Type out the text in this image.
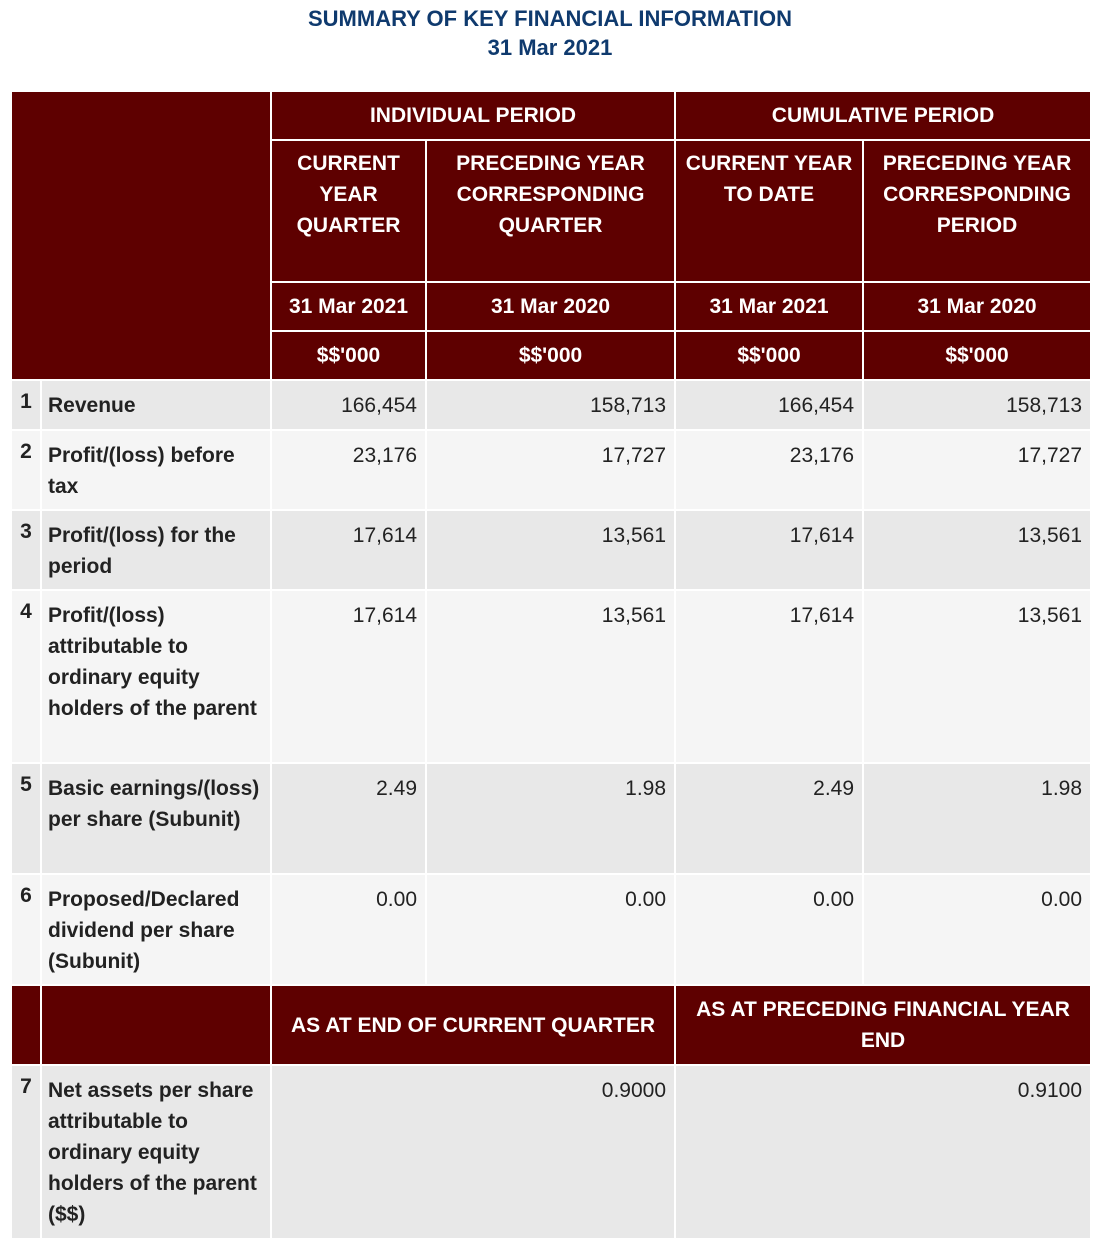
SUMMARY OF KEY FINANCIAL INFORMATION
31 Mar 2021
		INDIVIDUAL PERIOD		CUMULATIVE PERIOD	
		CURRENT YEAR QUARTER	PRECEDING YEAR CORRESPONDING QUARTER	CURRENT YEAR TO DATE	PRECEDING YEAR CORRESPONDING PERIOD
		31 Mar 2021	31 Mar 2020	31 Mar 2021	31 Mar 2020
		$$'000	$$'000	$$'000	$$'000
1	Revenue	166,454	158,713	166,454	158,713
2	Profit/(loss) before tax	23,176	17,727	23,176	17,727
3	Profit/(loss) for the period	17,614	13,561	17,614	13,561
4	Profit/(loss) attributable to ordinary equity holders of the parent	17,614	13,561	17,614	13,561
5	Basic earnings/(loss) per share (Subunit)	2.49	1.98	2.49	1.98
6	Proposed/Declared dividend per share (Subunit)	0.00	0.00	0.00	0.00
		AS AT END OF CURRENT QUARTER		AS AT PRECEDING FINANCIAL YEAR END	
7	Net assets per share attributable to ordinary equity holders of the parent ($$)	0.9000		0.9100	
